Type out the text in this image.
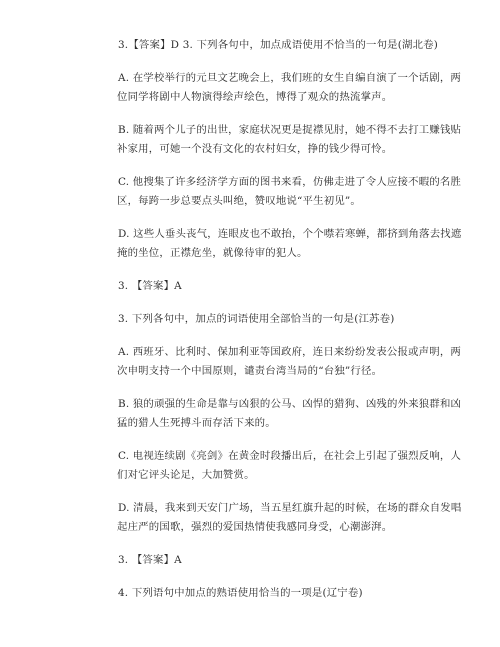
3.【答案】D 3. 下列各句中，加点成语使用不恰当的一句是(湖北卷)

A. 在学校举行的元旦文艺晚会上，我们班的女生自编自演了一个话剧，两
位同学将剧中人物演得绘声绘色，博得了观众的热流掌声。
B. 随着两个儿子的出世，家庭状况更是捉襟见肘，她不得不去打工赚钱贴
补家用，可她一个没有文化的农村妇女，挣的钱少得可怜。
C. 他搜集了许多经济学方面的图书来看，仿佛走进了令人应接不暇的名胜
区，每跨一步总要点头叫绝，赞叹地说“平生初见”。
D. 这些人垂头丧气，连眼皮也不敢抬，个个噤若寒蝉，都挤到角落去找遮
掩的坐位，正襟危坐，就像待审的犯人。

3. 【答案】A

3. 下列各句中，加点的词语使用全部恰当的一句是(江苏卷)

A. 西班牙、比利时、保加利亚等国政府，连日来纷纷发表公报或声明，两
次申明支持一个中国原则，谴责台湾当局的“台独”行径。
B. 狼的顽强的生命是靠与凶狠的公马、凶悍的猎狗、凶残的外来狼群和凶
猛的猎人生死搏斗而存活下来的。
C. 电视连续剧《亮剑》在黄金时段播出后，在社会上引起了强烈反响，人
们对它评头论足，大加赞赏。
D. 清晨，我来到天安门广场，当五星红旗升起的时候，在场的群众自发唱
起庄严的国歌，强烈的爱国热情使我感同身受，心潮澎湃。

3. 【答案】A

4. 下列语句中加点的熟语使用恰当的一项是(辽宁卷)
